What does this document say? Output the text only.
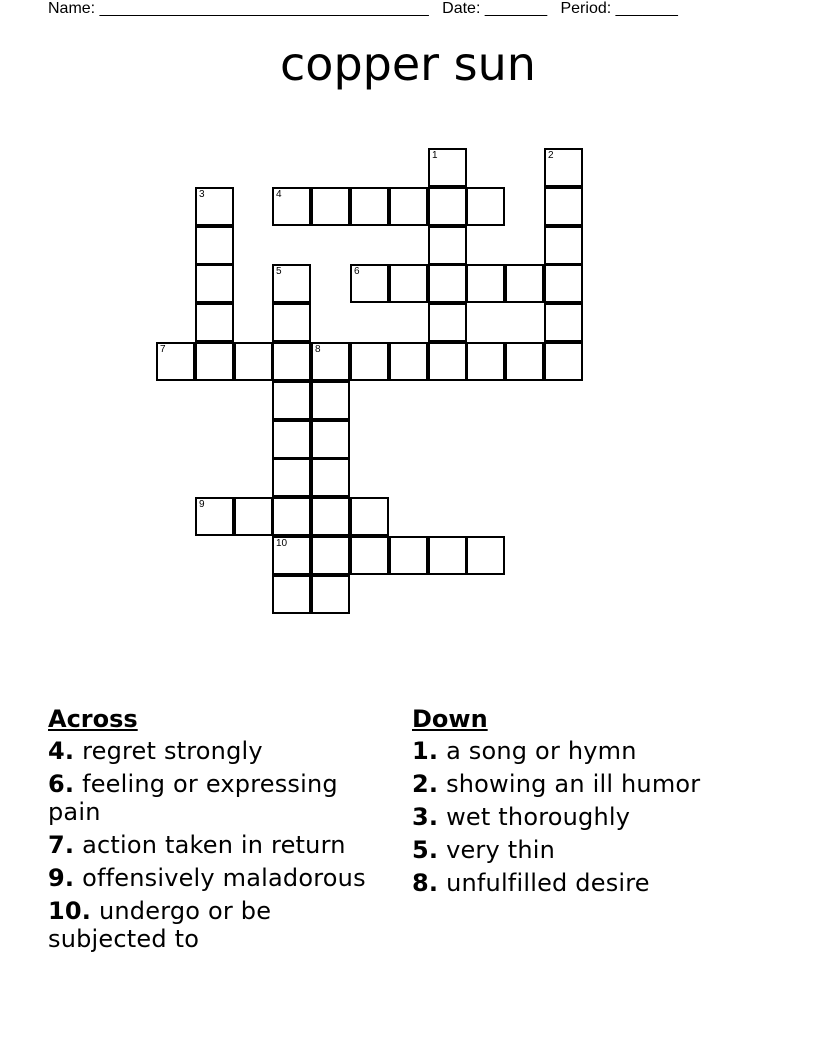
Name: _____________________________________ Date: _______ Period: _______
copper sun
1	2
3	4
5	6
7	8
9
10
Across
4. regret strongly
6. feeling or expressing pain
7. action taken in return
9. offensively maladorous
10. undergo or be subjected to
Down
1. a song or hymn
2. showing an ill humor
3. wet thoroughly
5. very thin
8. unfulfilled desire
